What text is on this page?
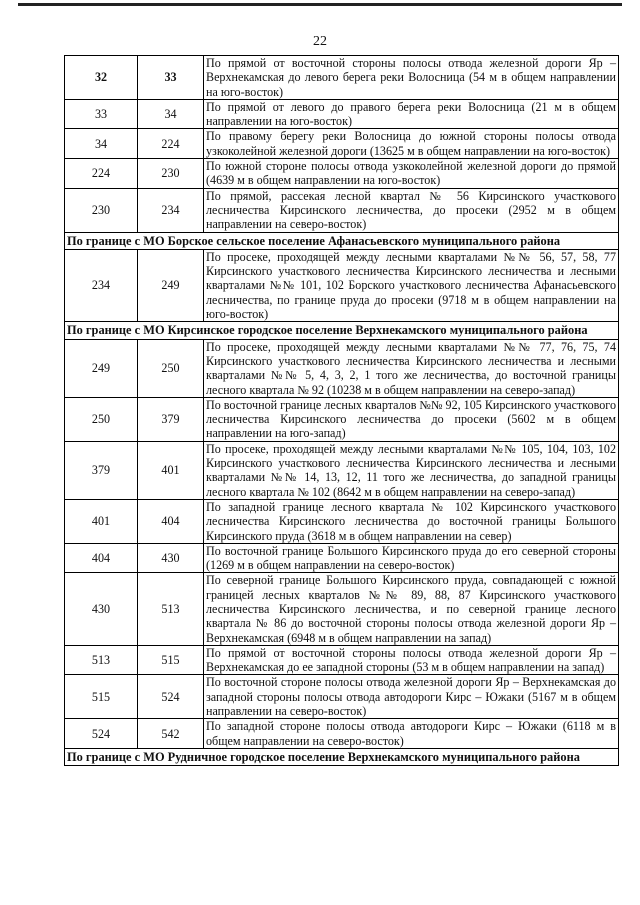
22
32	33	По прямой от восточной стороны полосы отвода железной дороги Яр – Верхнекамская до левого берега реки Волосница (54 м в общем направлении на юго-восток)
33	34	По прямой от левого до правого берега реки Волосница (21 м в общем направлении на юго-восток)
34	224	По правому берегу реки Волосница до южной стороны полосы отвода узкоколейной железной дороги (13625 м в общем направлении на юго-восток)
224	230	По южной стороне полосы отвода узкоколейной железной дороги до прямой (4639 м в общем направлении на юго-восток)
230	234	По прямой, рассекая лесной квартал № 56 Кирсинского участкового лесничества Кирсинского лесничества, до просеки (2952 м в общем направлении на северо-восток)
По границе с МО Борское сельское поселение Афанасьевского муниципального района		
234	249	По просеке, проходящей между лесными кварталами №№ 56, 57, 58, 77 Кирсинского участкового лесничества Кирсинского лесничества и лесными кварталами №№ 101, 102 Борского участкового лесничества Афанасьевского лесничества, по границе пруда до просеки (9718 м в общем направлении на юго-восток)
По границе с МО Кирсинское городское поселение Верхнекамского муниципального района		
249	250	По просеке, проходящей между лесными кварталами №№ 77, 76, 75, 74 Кирсинского участкового лесничества Кирсинского лесничества и лесными кварталами №№ 5, 4, 3, 2, 1 того же лесничества, до восточной границы лесного квартала № 92 (10238 м в общем направлении на северо-запад)
250	379	По восточной границе лесных кварталов №№ 92, 105 Кирсинского участкового лесничества Кирсинского лесничества до просеки (5602 м в общем направлении на юго-запад)
379	401	По просеке, проходящей между лесными кварталами №№ 105, 104, 103, 102 Кирсинского участкового лесничества Кирсинского лесничества и лесными кварталами №№ 14, 13, 12, 11 того же лесничества, до западной границы лесного квартала № 102 (8642 м в общем направлении на северо-запад)
401	404	По западной границе лесного квартала № 102 Кирсинского участкового лесничества Кирсинского лесничества до восточной границы Большого Кирсинского пруда (3618 м в общем направлении на север)
404	430	По восточной границе Большого Кирсинского пруда до его северной стороны (1269 м в общем направлении на северо-восток)
430	513	По северной границе Большого Кирсинского пруда, совпадающей с южной границей лесных кварталов №№ 89, 88, 87 Кирсинского участкового лесничества Кирсинского лесничества, и по северной границе лесного квартала № 86 до восточной стороны полосы отвода железной дороги Яр – Верхнекамская (6948 м в общем направлении на запад)
513	515	По прямой от восточной стороны полосы отвода железной дороги Яр – Верхнекамская до ее западной стороны (53 м в общем направлении на запад)
515	524	По восточной стороне полосы отвода железной дороги Яр – Верхнекамская до западной стороны полосы отвода автодороги Кирс – Южаки (5167 м в общем направлении на северо-восток)
524	542	По западной стороне полосы отвода автодороги Кирс – Южаки (6118 м в общем направлении на северо-восток)
По границе с МО Рудничное городское поселение Верхнекамского муниципального района		
